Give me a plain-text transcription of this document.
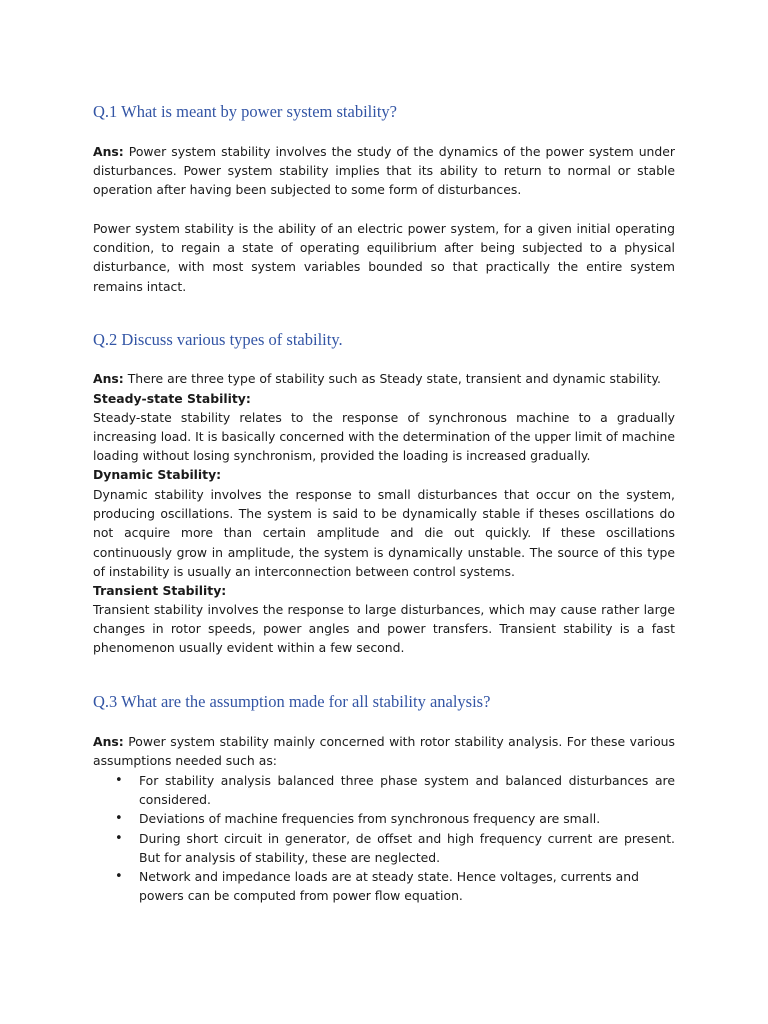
Q.1 What is meant by power system stability?

Ans: Power system stability involves the study of the dynamics of the power system under disturbances. Power system stability implies that its ability to return to normal or stable operation after having been subjected to some form of disturbances.

Power system stability is the ability of an electric power system, for a given initial operating condition, to regain a state of operating equilibrium after being subjected to a physical disturbance, with most system variables bounded so that practically the entire system remains intact.

Q.2 Discuss various types of stability.

Ans: There are three type of stability such as Steady state, transient and dynamic stability.

Steady-state Stability:

Steady-state stability relates to the response of synchronous machine to a gradually increasing load. It is basically concerned with the determination of the upper limit of machine loading without losing synchronism, provided the loading is increased gradually.

Dynamic Stability:

Dynamic stability involves the response to small disturbances that occur on the system, producing oscillations. The system is said to be dynamically stable if theses oscillations do not acquire more than certain amplitude and die out quickly. If these oscillations continuously grow in amplitude, the system is dynamically unstable. The source of this type of instability is usually an interconnection between control systems.

Transient Stability:

Transient stability involves the response to large disturbances, which may cause rather large changes in rotor speeds, power angles and power transfers. Transient stability is a fast phenomenon usually evident within a few second.

Q.3 What are the assumption made for all stability analysis?

Ans: Power system stability mainly concerned with rotor stability analysis. For these various assumptions needed such as:

• For stability analysis balanced three phase system and balanced disturbances are considered.
• Deviations of machine frequencies from synchronous frequency are small.
• During short circuit in generator, de offset and high frequency current are present. But for analysis of stability, these are neglected.
• Network and impedance loads are at steady state. Hence voltages, currents and powers can be computed from power flow equation.
